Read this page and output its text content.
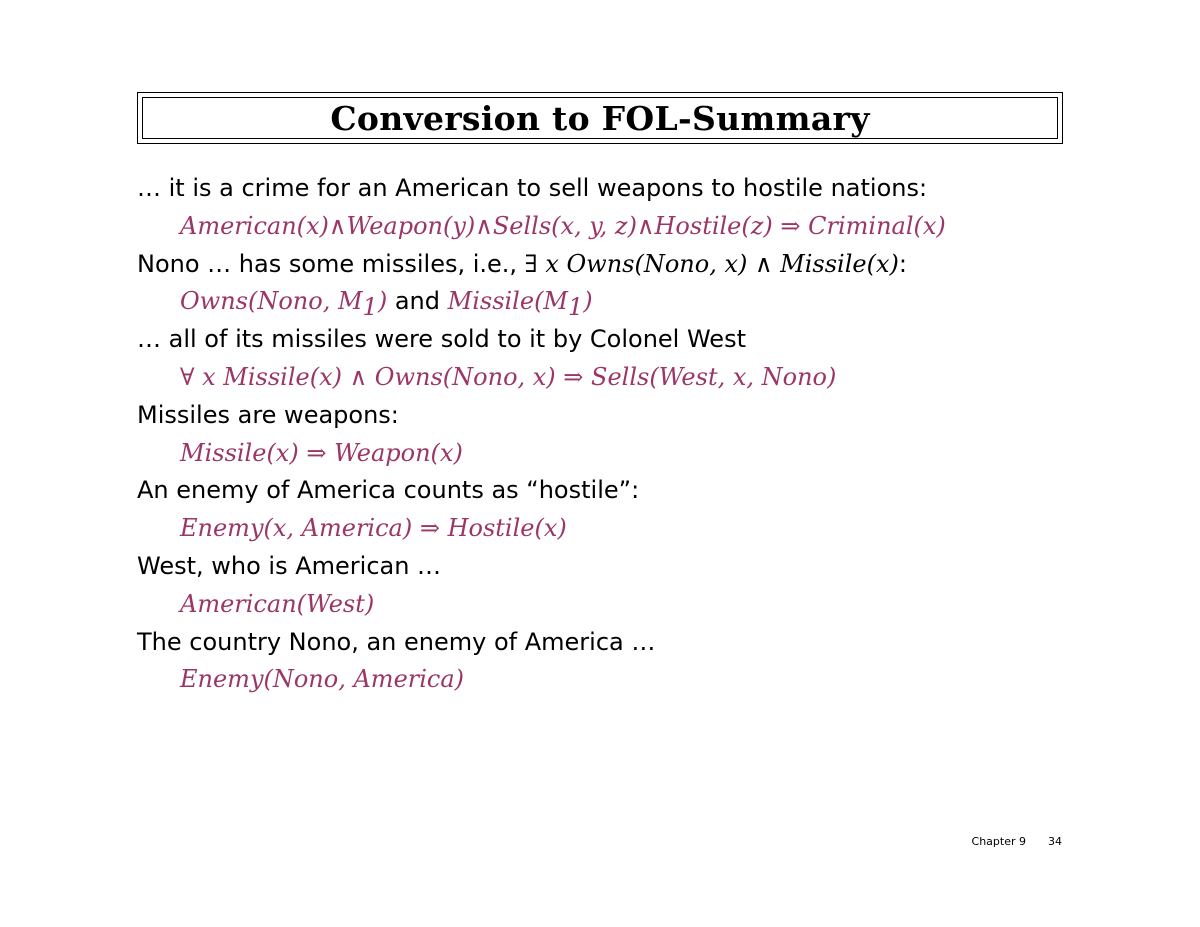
Conversion to FOL-Summary
… it is a crime for an American to sell weapons to hostile nations:
American(x)∧Weapon(y)∧Sells(x, y, z)∧Hostile(z) ⇒ Criminal(x)
Nono … has some missiles, i.e., ∃ x Owns(Nono, x) ∧ Missile(x):
Owns(Nono, $M_1$) and $Missile(M_1)$
… all of its missiles were sold to it by Colonel West
∀ x Missile(x) ∧ Owns(Nono, x) ⇒ Sells(West, x, Nono)
Missiles are weapons:
Missile(x) ⇒ Weapon(x)
An enemy of America counts as “hostile”:
Enemy(x, America) ⇒ Hostile(x)
West, who is American …
American(West)
The country Nono, an enemy of America …
Enemy(Nono, America)
Chapter 9 34
